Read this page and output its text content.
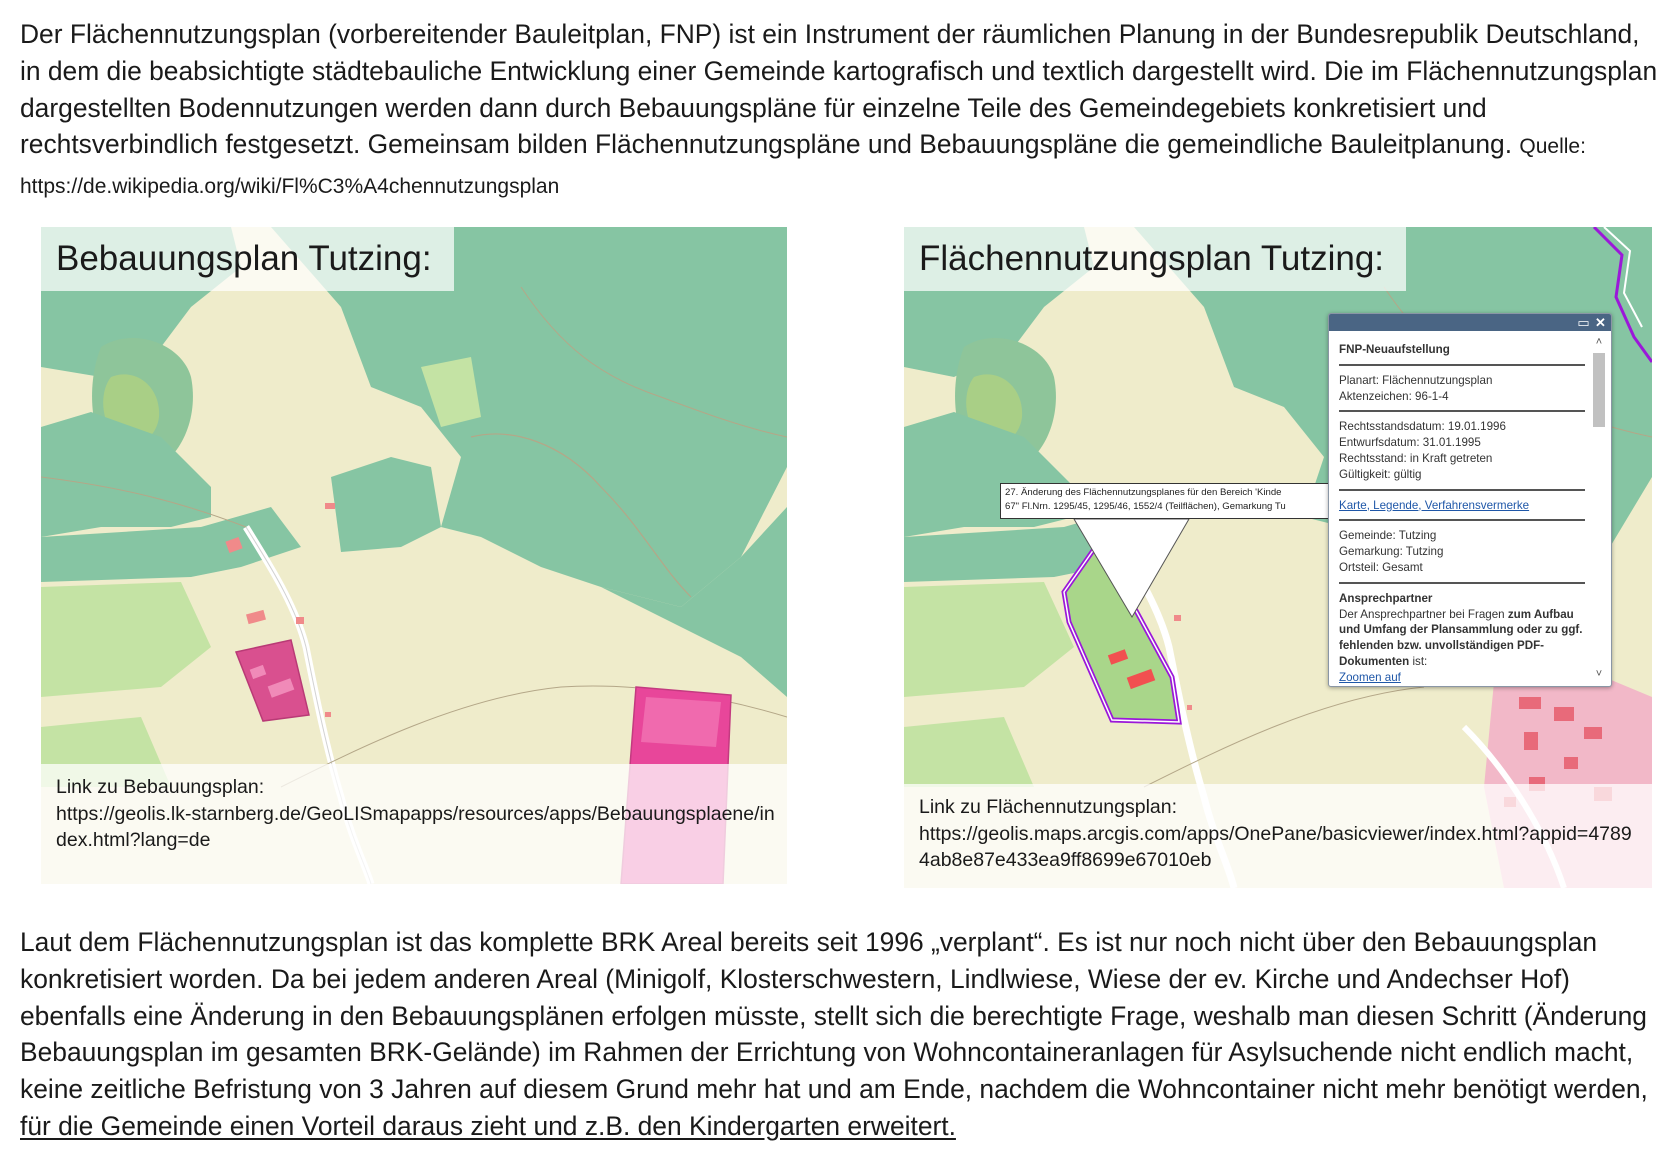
Der Flächennutzungsplan (vorbereitender Bauleitplan, FNP) ist ein Instrument der räumlichen Planung in der Bundesrepublik Deutschland, in dem die beabsichtigte städtebauliche Entwicklung einer Gemeinde kartografisch und textlich dargestellt wird. Die im Flächennutzungsplan dargestellten Bodennutzungen werden dann durch Bebauungspläne für einzelne Teile des Gemeindegebiets konkretisiert und rechtsverbindlich festgesetzt. Gemeinsam bilden Flächennutzungspläne und Bebauungspläne die gemeindliche Bauleitplanung. Quelle: https://de.wikipedia.org/wiki/Fl%C3%A4chennutzungsplan

Bebauungsplan Tutzing:
Link zu Bebauungsplan:
https://geolis.lk-starnberg.de/GeoLISmapapps/resources/apps/Bebauungsplaene/index.html?lang=de
27. Änderung des Flächennutzungsplanes für den Bereich 'Kinde
67" Fl.Nrn. 1295/45, 1295/46, 1552/4 (Teilflächen), Gemarkung Tu
Flächennutzungsplan Tutzing:
▭ ✕
FNP-Neuaufstellung
Planart: Flächennutzungsplan
Aktenzeichen: 96-1-4
Rechtsstandsdatum: 19.01.1996
Entwurfsdatum: 31.01.1995
Rechtsstand: in Kraft getreten
Gültigkeit: gültig
Karte, Legende, Verfahrensvermerke
Gemeinde: Tutzing
Gemarkung: Tutzing
Ortsteil: Gesamt
Ansprechpartner
Der Ansprechpartner bei Fragen zum Aufbau und Umfang der Plansammlung oder zu ggf. fehlenden bzw. unvollständigen PDF-Dokumenten ist:
Zoomen auf
˄
˅
Link zu Flächennutzungsplan:
https://geolis.maps.arcgis.com/apps/OnePane/basicviewer/index.html?appid=47894ab8e87e433ea9ff8699e67010eb

Laut dem Flächennutzungsplan ist das komplette BRK Areal bereits seit 1996 „verplant“. Es ist nur noch nicht über den Bebauungsplan konkretisiert worden. Da bei jedem anderen Areal (Minigolf, Klosterschwestern, Lindlwiese, Wiese der ev. Kirche und Andechser Hof) ebenfalls eine Änderung in den Bebauungsplänen erfolgen müsste, stellt sich die berechtigte Frage, weshalb man diesen Schritt (Änderung Bebauungsplan im gesamten BRK-Gelände) im Rahmen der Errichtung von Wohncontaineranlagen für Asylsuchende nicht endlich macht, keine zeitliche Befristung von 3 Jahren auf diesem Grund mehr hat und am Ende, nachdem die Wohncontainer nicht mehr benötigt werden, für die Gemeinde einen Vorteil daraus zieht und z.B. den Kindergarten erweitert.
